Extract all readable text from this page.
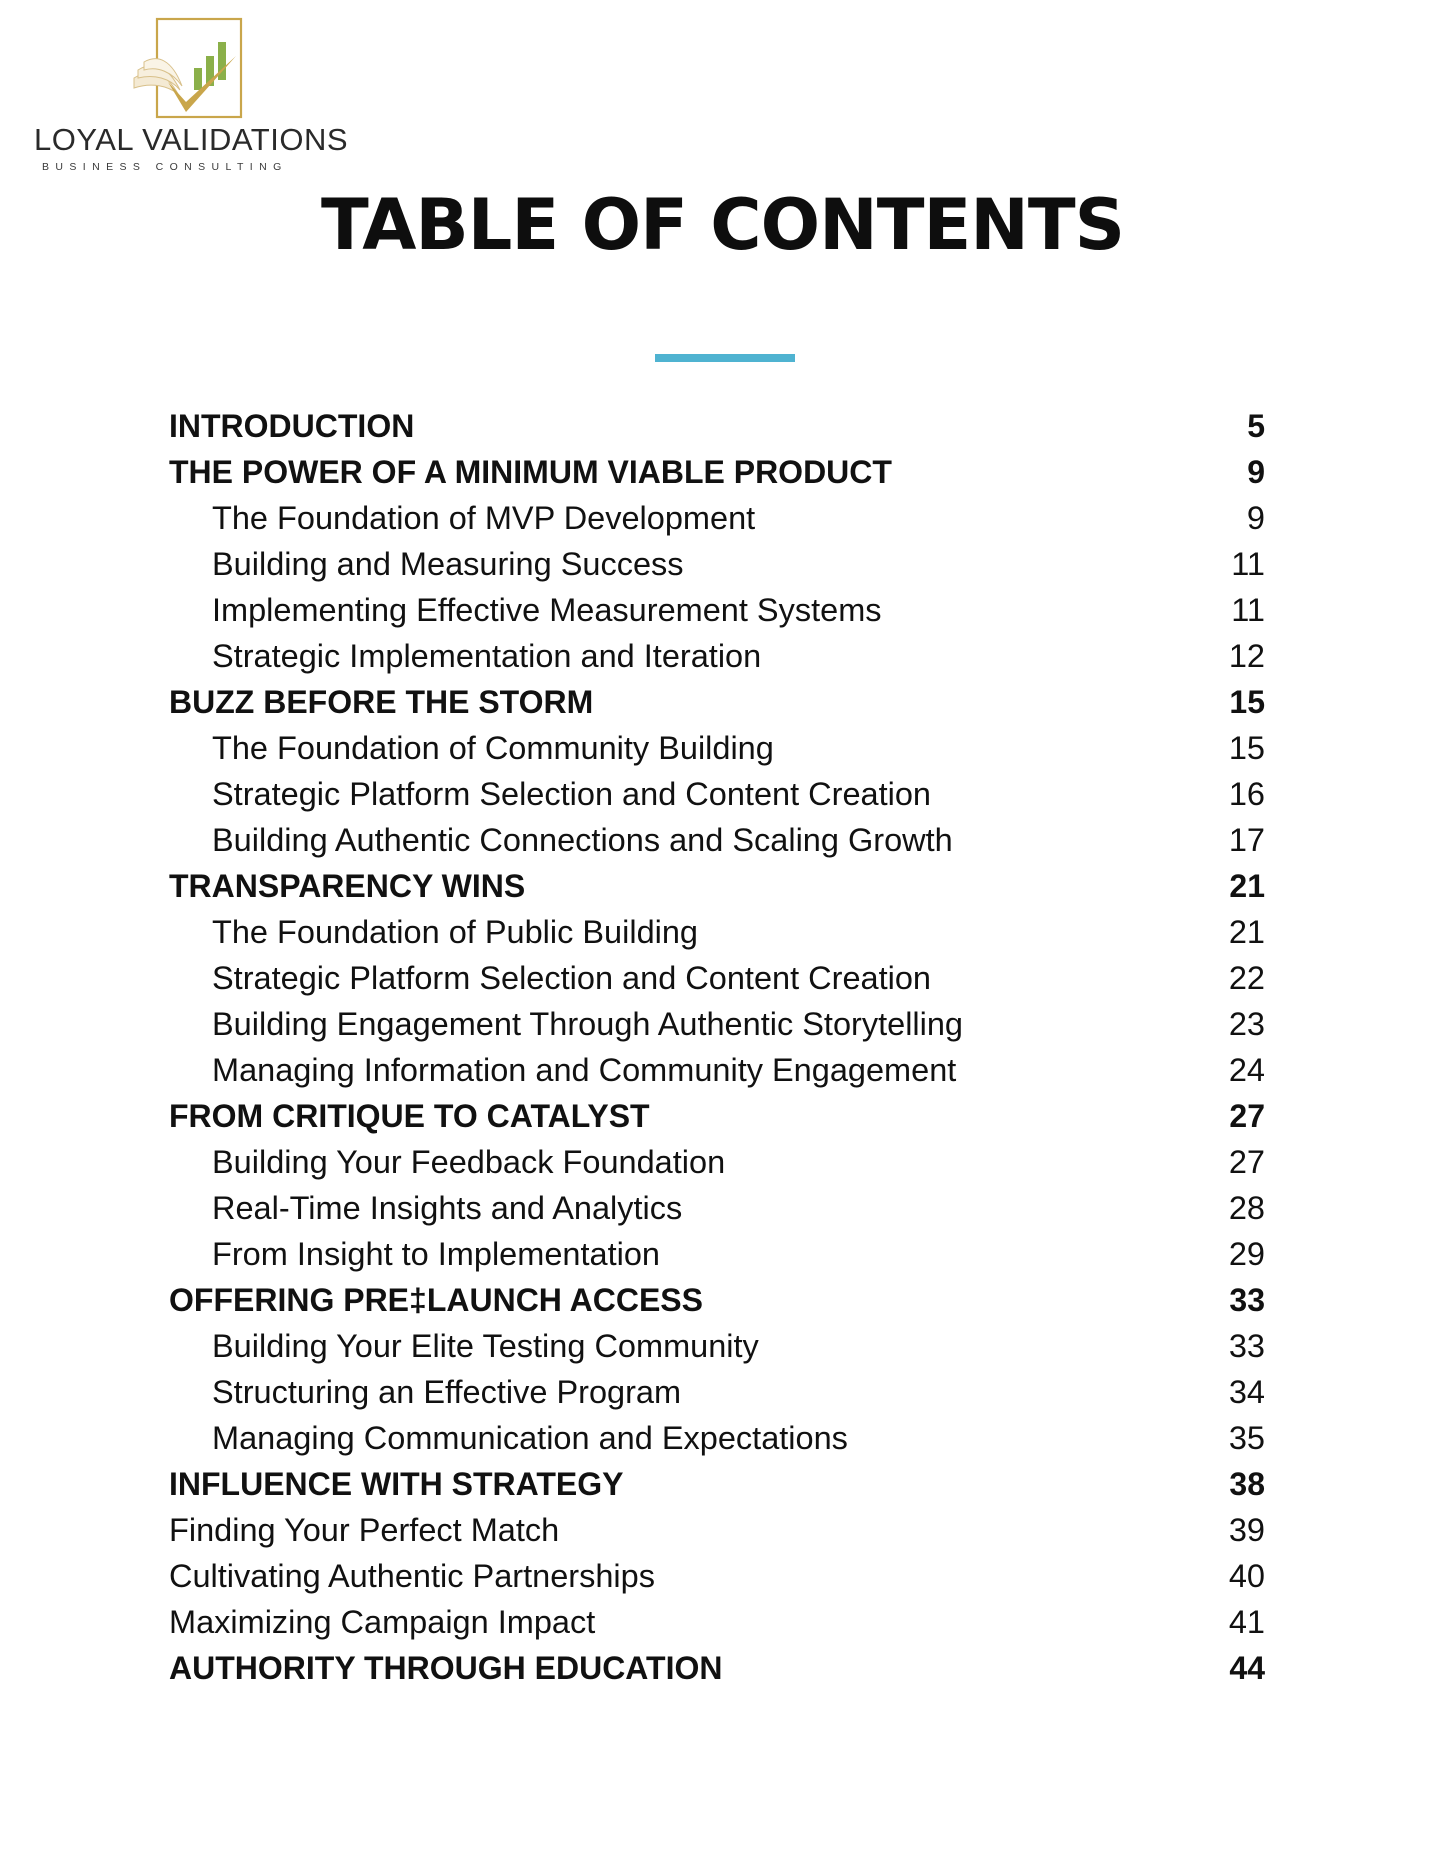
LOYAL VALIDATIONS
BUSINESS CONSULTING
TABLE OF CONTENTS
INTRODUCTION	5
THE POWER OF A MINIMUM VIABLE PRODUCT	9
The Foundation of MVP Development	9
Building and Measuring Success	11
Implementing Effective Measurement Systems	11
Strategic Implementation and Iteration	12
BUZZ BEFORE THE STORM	15
The Foundation of Community Building	15
Strategic Platform Selection and Content Creation	16
Building Authentic Connections and Scaling Growth	17
TRANSPARENCY WINS	21
The Foundation of Public Building	21
Strategic Platform Selection and Content Creation	22
Building Engagement Through Authentic Storytelling	23
Managing Information and Community Engagement	24
FROM CRITIQUE TO CATALYST	27
Building Your Feedback Foundation	27
Real-Time Insights and Analytics	28
From Insight to Implementation	29
OFFERING PRE‡LAUNCH ACCESS	33
Building Your Elite Testing Community	33
Structuring an Effective Program	34
Managing Communication and Expectations	35
INFLUENCE WITH STRATEGY	38
Finding Your Perfect Match	39
Cultivating Authentic Partnerships	40
Maximizing Campaign Impact	41
AUTHORITY THROUGH EDUCATION	44
